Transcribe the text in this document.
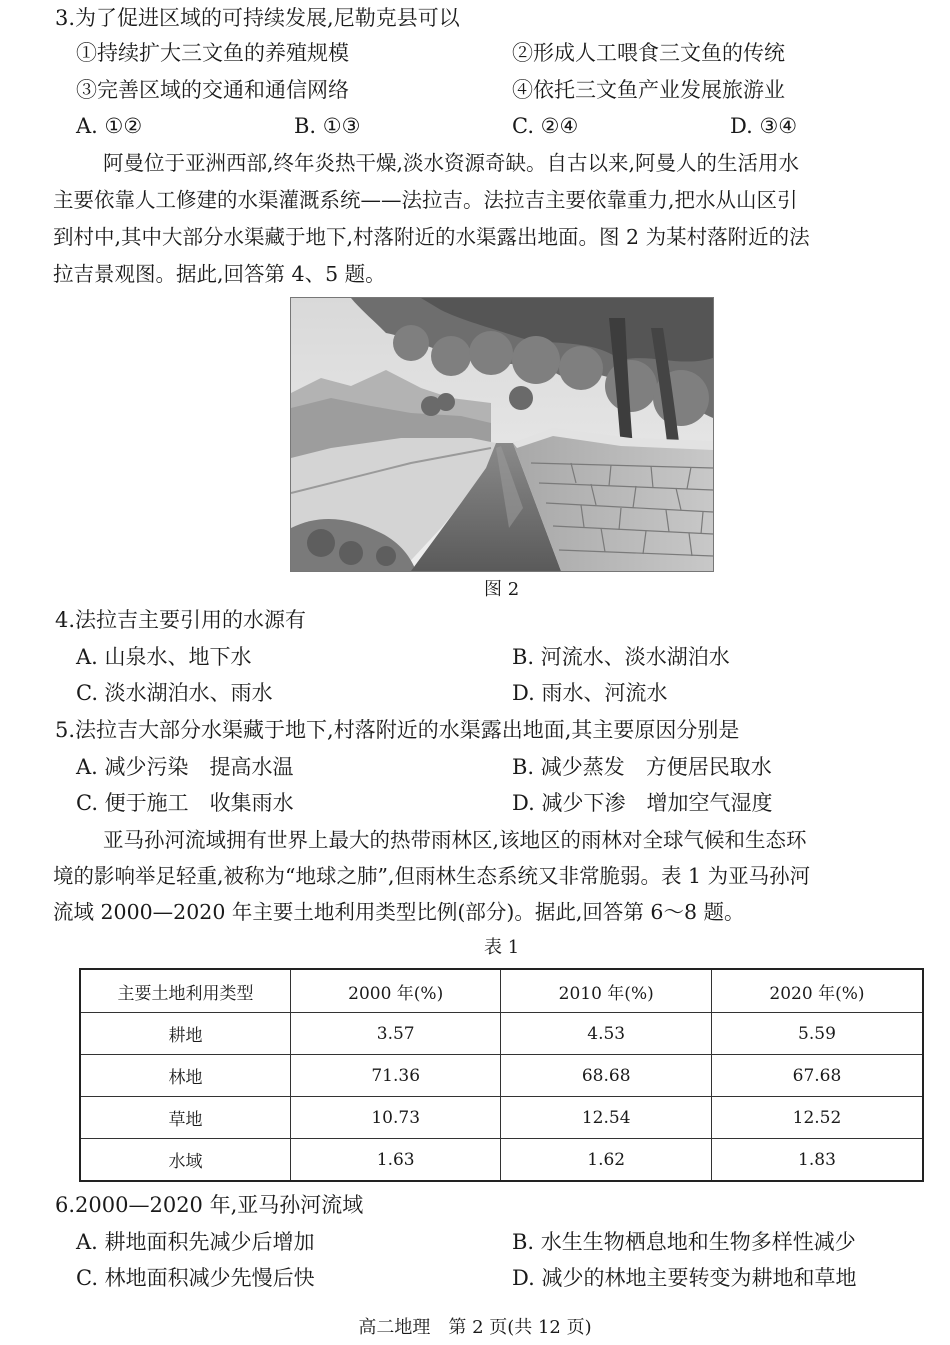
3.为了促进区域的可持续发展,尼勒克县可以
①持续扩大三文鱼的养殖规模	②形成人工喂食三文鱼的传统
③完善区域的交通和通信网络	④依托三文鱼产业发展旅游业
A. ①②	B. ①③	C. ②④	D. ③④
阿曼位于亚洲西部,终年炎热干燥,淡水资源奇缺。自古以来,阿曼人的生活用水
主要依靠人工修建的水渠灌溉系统——法拉吉。法拉吉主要依靠重力,把水从山区引
到村中,其中大部分水渠藏于地下,村落附近的水渠露出地面。图 2 为某村落附近的法
拉吉景观图。据此,回答第 4、5 题。
图 2
4.法拉吉主要引用的水源有
A. 山泉水、地下水	B. 河流水、淡水湖泊水
C. 淡水湖泊水、雨水	D. 雨水、河流水
5.法拉吉大部分水渠藏于地下,村落附近的水渠露出地面,其主要原因分别是
A. 减少污染　提高水温	B. 减少蒸发　方便居民取水
C. 便于施工　收集雨水	D. 减少下渗　增加空气湿度
亚马孙河流域拥有世界上最大的热带雨林区,该地区的雨林对全球气候和生态环
境的影响举足轻重,被称为“地球之肺”,但雨林生态系统又非常脆弱。表 1 为亚马孙河
流域 2000—2020 年主要土地利用类型比例(部分)。据此,回答第 6～8 题。
表 1
主要土地利用类型	2000 年(%)	2010 年(%)	2020 年(%)
耕地	3.57	4.53	5.59
林地	71.36	68.68	67.68
草地	10.73	12.54	12.52
水域	1.63	1.62	1.83
6.2000—2020 年,亚马孙河流域
A. 耕地面积先减少后增加	B. 水生生物栖息地和生物多样性减少
C. 林地面积减少先慢后快	D. 减少的林地主要转变为耕地和草地
高二地理　第 2 页(共 12 页)
